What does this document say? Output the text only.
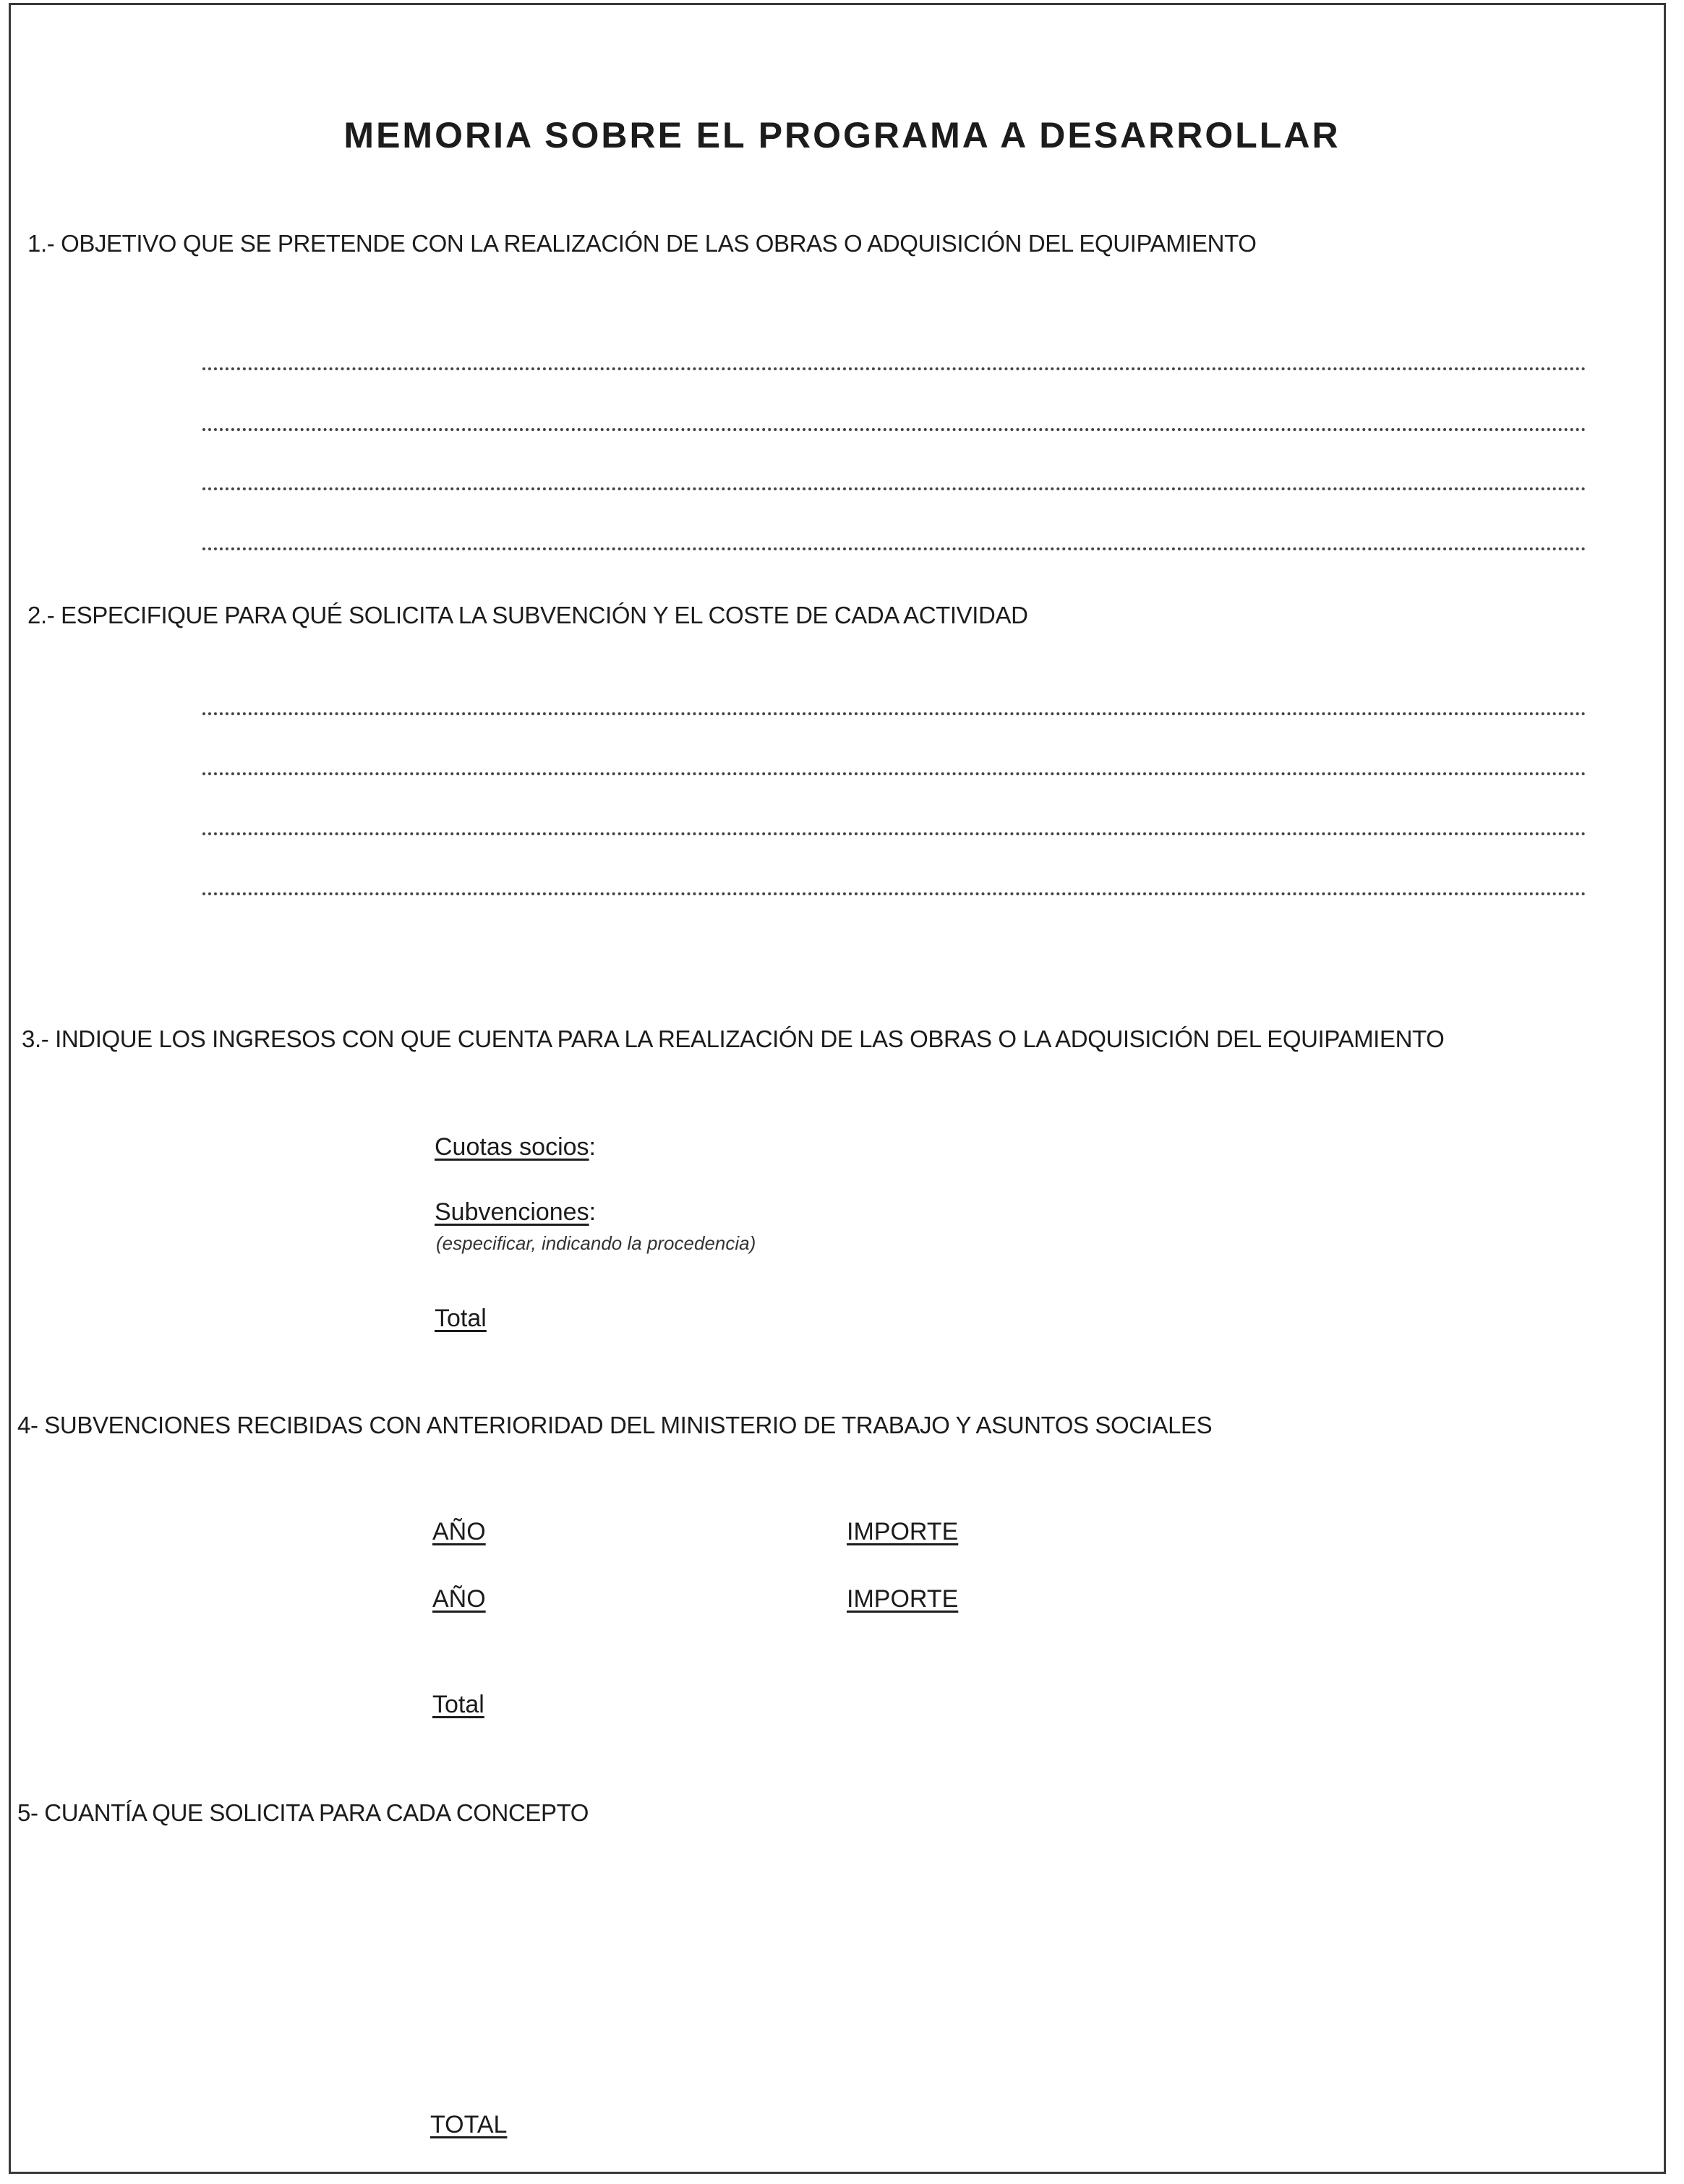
MEMORIA SOBRE EL PROGRAMA A DESARROLLAR
1.- OBJETIVO QUE SE PRETENDE CON LA REALIZACIÓN DE LAS OBRAS O ADQUISICIÓN DEL EQUIPAMIENTO
2.- ESPECIFIQUE PARA QUÉ SOLICITA LA SUBVENCIÓN Y EL COSTE DE CADA ACTIVIDAD
3.- INDIQUE LOS INGRESOS CON QUE CUENTA PARA LA REALIZACIÓN DE LAS OBRAS O LA ADQUISICIÓN DEL EQUIPAMIENTO
Cuotas socios:
Subvenciones:
(especificar, indicando la procedencia)
Total
4- SUBVENCIONES RECIBIDAS CON ANTERIORIDAD DEL MINISTERIO DE TRABAJO Y ASUNTOS SOCIALES
AÑO	IMPORTE
AÑO	IMPORTE
Total
5- CUANTÍA QUE SOLICITA PARA CADA CONCEPTO
TOTAL
